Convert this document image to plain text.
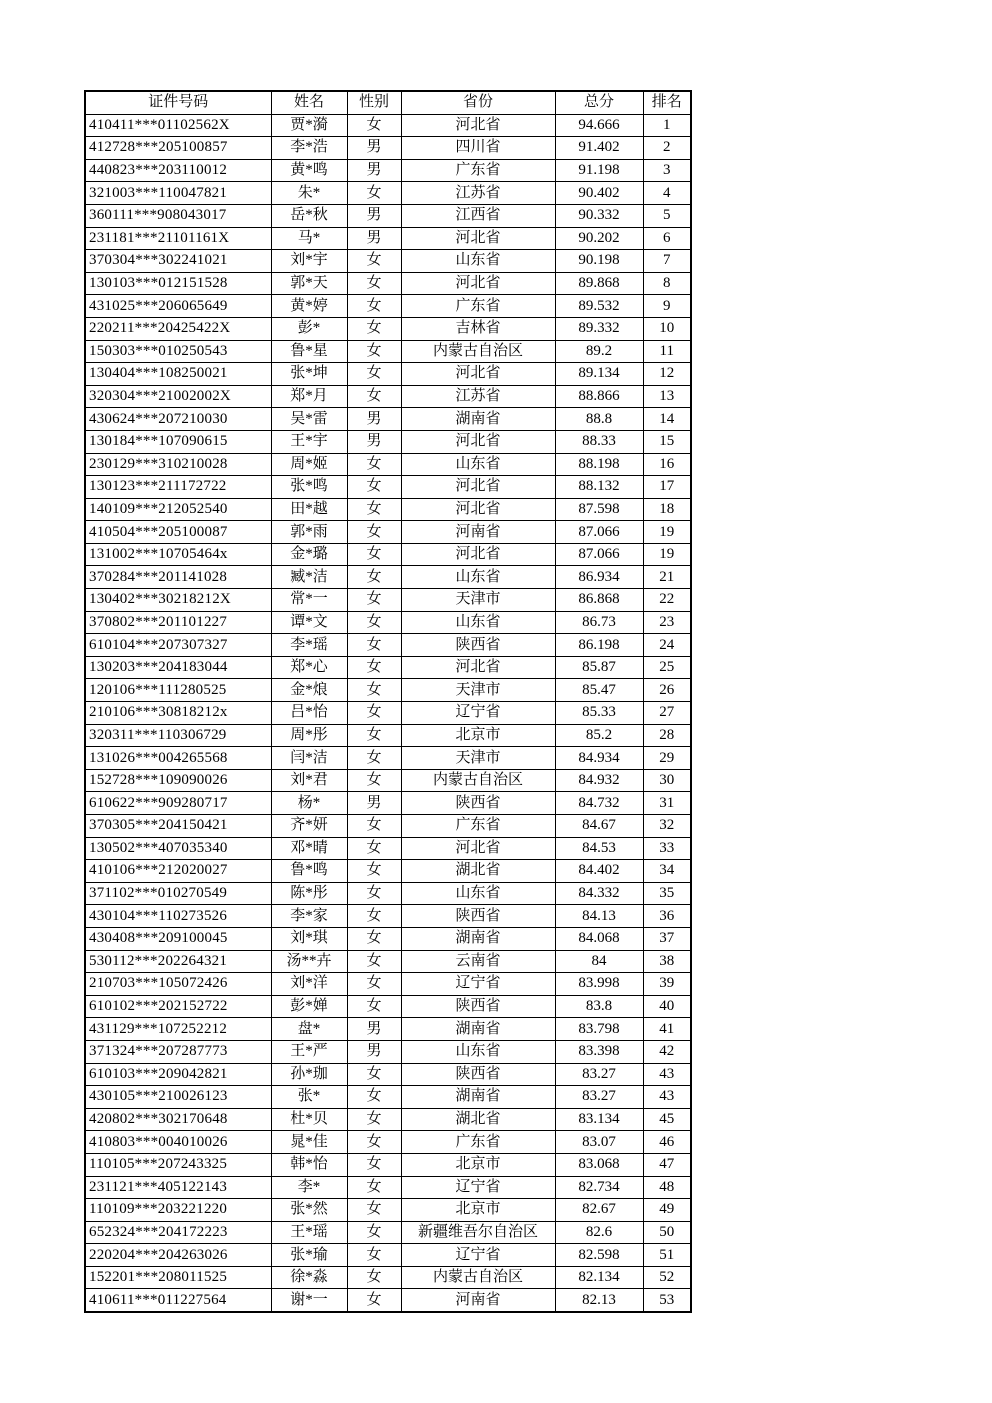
证件号码	姓名	性别	省份	总分	排名
410411***01102562X	贾*漪	女	河北省	94.666	1
412728***205100857	李*浩	男	四川省	91.402	2
440823***203110012	黄*鸣	男	广东省	91.198	3
321003***110047821	朱*	女	江苏省	90.402	4
360111***908043017	岳*秋	男	江西省	90.332	5
231181***21101161X	马*	男	河北省	90.202	6
370304***302241021	刘*宇	女	山东省	90.198	7
130103***012151528	郭*天	女	河北省	89.868	8
431025***206065649	黄*婷	女	广东省	89.532	9
220211***20425422X	彭*	女	吉林省	89.332	10
150303***010250543	鲁*星	女	内蒙古自治区	89.2	11
130404***108250021	张*坤	女	河北省	89.134	12
320304***21002002X	郑*月	女	江苏省	88.866	13
430624***207210030	吴*雷	男	湖南省	88.8	14
130184***107090615	王*宇	男	河北省	88.33	15
230129***310210028	周*姬	女	山东省	88.198	16
130123***211172722	张*鸣	女	河北省	88.132	17
140109***212052540	田*越	女	河北省	87.598	18
410504***205100087	郭*雨	女	河南省	87.066	19
131002***10705464x	金*璐	女	河北省	87.066	19
370284***201141028	臧*洁	女	山东省	86.934	21
130402***30218212X	常*一	女	天津市	86.868	22
370802***201101227	谭*文	女	山东省	86.73	23
610104***207307327	李*瑶	女	陕西省	86.198	24
130203***204183044	郑*心	女	河北省	85.87	25
120106***111280525	金*烺	女	天津市	85.47	26
210106***30818212x	吕*怡	女	辽宁省	85.33	27
320311***110306729	周*彤	女	北京市	85.2	28
131026***004265568	闫*洁	女	天津市	84.934	29
152728***109090026	刘*君	女	内蒙古自治区	84.932	30
610622***909280717	杨*	男	陕西省	84.732	31
370305***204150421	齐*妍	女	广东省	84.67	32
130502***407035340	邓*晴	女	河北省	84.53	33
410106***212020027	鲁*鸣	女	湖北省	84.402	34
371102***010270549	陈*彤	女	山东省	84.332	35
430104***110273526	李*家	女	陕西省	84.13	36
430408***209100045	刘*琪	女	湖南省	84.068	37
530112***202264321	汤**卉	女	云南省	84	38
210703***105072426	刘*洋	女	辽宁省	83.998	39
610102***202152722	彭*婵	女	陕西省	83.8	40
431129***107252212	盘*	男	湖南省	83.798	41
371324***207287773	王*严	男	山东省	83.398	42
610103***209042821	孙*珈	女	陕西省	83.27	43
430105***210026123	张*	女	湖南省	83.27	43
420802***302170648	杜*贝	女	湖北省	83.134	45
410803***004010026	晁*佳	女	广东省	83.07	46
110105***207243325	韩*怡	女	北京市	83.068	47
231121***405122143	李*	女	辽宁省	82.734	48
110109***203221220	张*然	女	北京市	82.67	49
652324***204172223	王*瑶	女	新疆维吾尔自治区	82.6	50
220204***204263026	张*瑜	女	辽宁省	82.598	51
152201***208011525	徐*淼	女	内蒙古自治区	82.134	52
410611***011227564	谢*一	女	河南省	82.13	53
